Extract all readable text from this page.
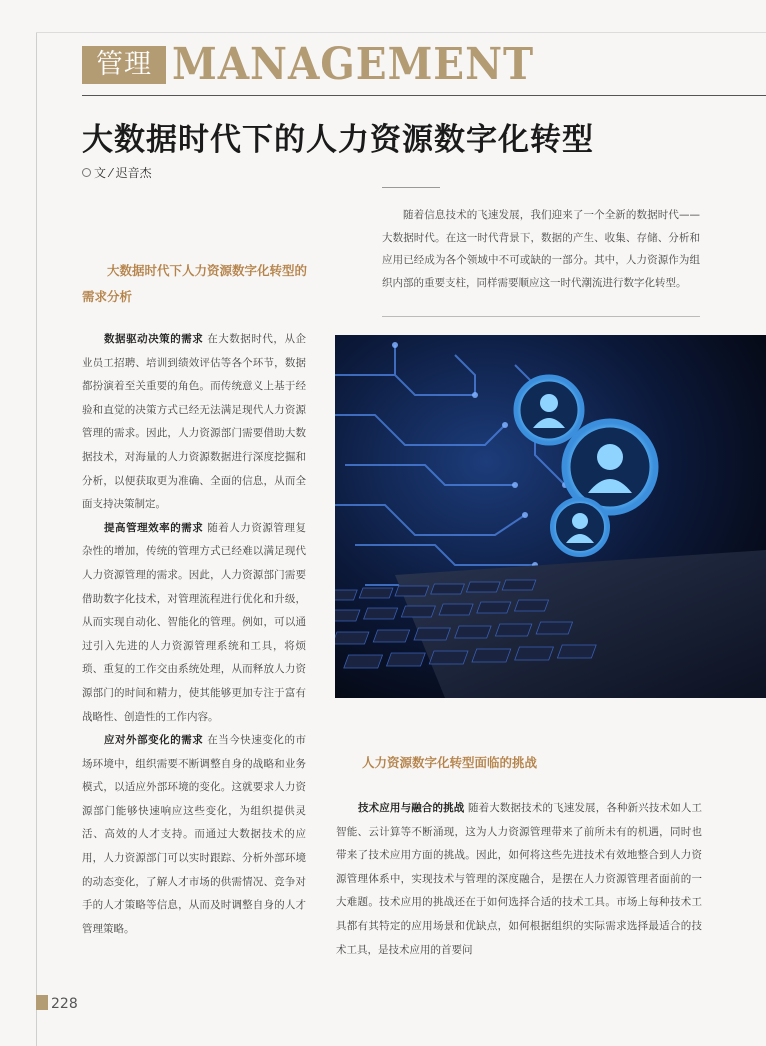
管理 MANAGEMENT
大数据时代下的人力资源数字化转型
文 ⁄ 迟音杰

随着信息技术的飞速发展，我们迎来了一个全新的数据时代——大数据时代。在这一时代背景下，数据的产生、收集、存储、分析和应用已经成为各个领域中不可或缺的一部分。其中，人力资源作为组织内部的重要支柱，同样需要顺应这一时代潮流进行数字化转型。

大数据时代下人力资源数字化转型的需求分析

数据驱动决策的需求 在大数据时代，从企业员工招聘、培训到绩效评估等各个环节，数据都扮演着至关重要的角色。而传统意义上基于经验和直觉的决策方式已经无法满足现代人力资源管理的需求。因此，人力资源部门需要借助大数据技术，对海量的人力资源数据进行深度挖掘和分析，以便获取更为准确、全面的信息，从而全面支持决策制定。

提高管理效率的需求 随着人力资源管理复杂性的增加，传统的管理方式已经难以满足现代人力资源管理的需求。因此，人力资源部门需要借助数字化技术，对管理流程进行优化和升级，从而实现自动化、智能化的管理。例如，可以通过引入先进的人力资源管理系统和工具，将烦琐、重复的工作交由系统处理，从而释放人力资源部门的时间和精力，使其能够更加专注于富有战略性、创造性的工作内容。

应对外部变化的需求 在当今快速变化的市场环境中，组织需要不断调整自身的战略和业务模式，以适应外部环境的变化。这就要求人力资源部门能够快速响应这些变化，为组织提供灵活、高效的人才支持。而通过大数据技术的应用，人力资源部门可以实时跟踪、分析外部环境的动态变化，了解人才市场的供需情况、竞争对手的人才策略等信息，从而及时调整自身的人才管理策略。

人力资源数字化转型面临的挑战

技术应用与融合的挑战 随着大数据技术的飞速发展，各种新兴技术如人工智能、云计算等不断涌现，这为人力资源管理带来了前所未有的机遇，同时也带来了技术应用方面的挑战。因此，如何将这些先进技术有效地整合到人力资源管理体系中，实现技术与管理的深度融合，是摆在人力资源管理者面前的一大难题。技术应用的挑战还在于如何选择合适的技术工具。市场上每种技术工具都有其特定的应用场景和优缺点，如何根据组织的实际需求选择最适合的技术工具，是技术应用的首要问

228
